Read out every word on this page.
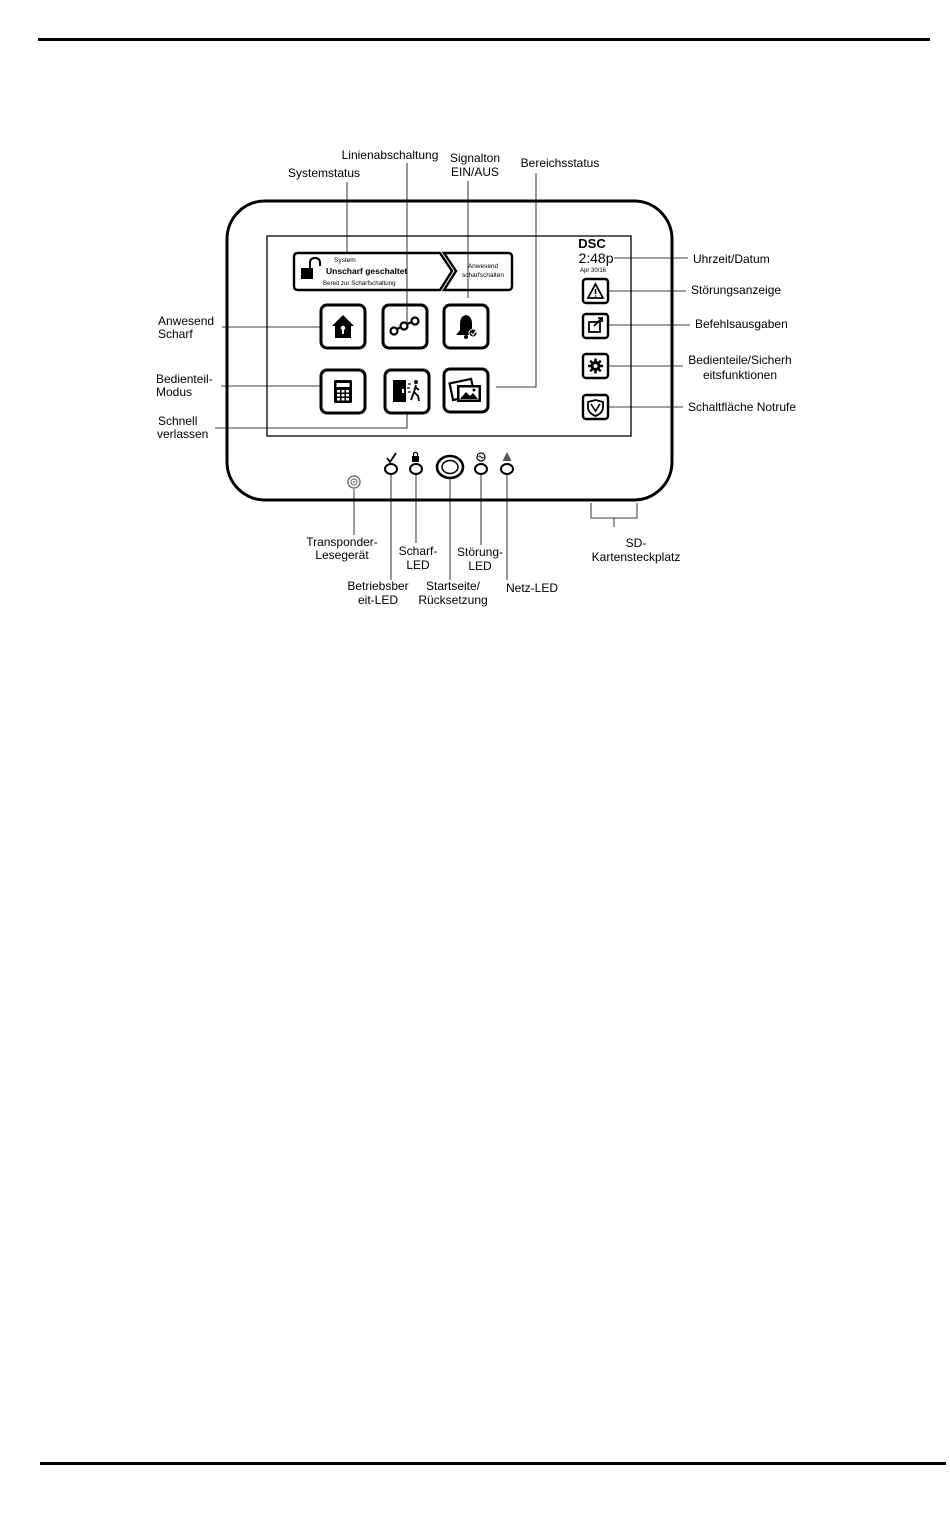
System
Unscharf geschaltet
Bereit zur Scharfschaltung
Anwesend
scharfschalten
DSC
2:48p
Apr 30/16
Linienabschaltung Signalton
EIN/AUS
Bereichsstatus
Systemstatus
Uhrzeit/Datum
Störungsanzeige
Befehlsausgaben
Bedienteile/Sicherh
eitsfunktionen
Schaltfläche Notrufe
Anwesend
Scharf
Bedienteil-
Modus
Schnell
verlassen
Transponder-
Lesegerät Scharf-
LED
Störung-
LED
Betriebsber
eit-LED
Startseite/
Rücksetzung
Netz-LED
SD-
Kartensteckplatz
